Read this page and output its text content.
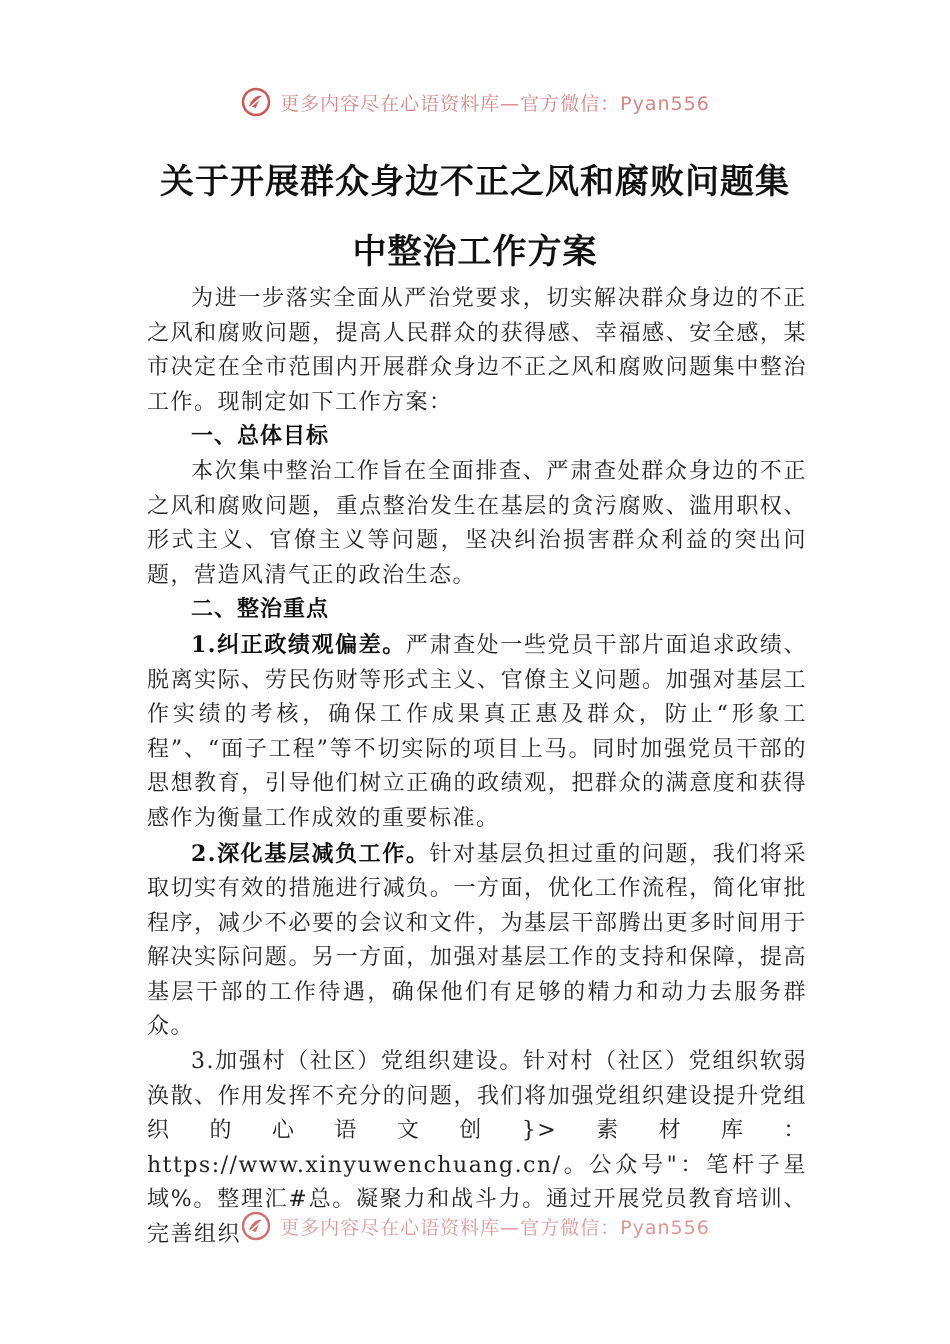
更多内容尽在心语资料库—官方微信：Pyan556
关于开展群众身边不正之风和腐败问题集
中整治工作方案

为进一步落实全面从严治党要求，切实解决群众身边的不正之风和腐败问题，提高人民群众的获得感、幸福感、安全感，某市决定在全市范围内开展群众身边不正之风和腐败问题集中整治工作。现制定如下工作方案：

一、总体目标

本次集中整治工作旨在全面排查、严肃查处群众身边的不正之风和腐败问题，重点整治发生在基层的贪污腐败、滥用职权、形式主义、官僚主义等问题，坚决纠治损害群众利益的突出问题，营造风清气正的政治生态。

二、整治重点

1.纠正政绩观偏差。严肃查处一些党员干部片面追求政绩、脱离实际、劳民伤财等形式主义、官僚主义问题。加强对基层工作实绩的考核，确保工作成果真正惠及群众，防止“形象工程”、“面子工程”等不切实际的项目上马。同时加强党员干部的思想教育，引导他们树立正确的政绩观，把群众的满意度和获得感作为衡量工作成效的重要标准。

2.深化基层减负工作。针对基层负担过重的问题，我们将采取切实有效的措施进行减负。一方面，优化工作流程，简化审批程序，减少不必要的会议和文件，为基层干部腾出更多时间用于解决实际问题。另一方面，加强对基层工作的支持和保障，提高基层干部的工作待遇，确保他们有足够的精力和动力去服务群众。

3.加强村（社区）党组织建设。针对村（社区）党组织软弱涣散、作用发挥不充分的问题，我们将加强党组织建设提升党组织的心语文创}>素材库：https://www.xinyuwenchuang.cn/。公众号"：笔杆子星域%。整理汇#总。凝聚力和战斗力。通过开展党员教育培训、完善组织	更多内容尽在心语资料库—官方微信：Pyan556
